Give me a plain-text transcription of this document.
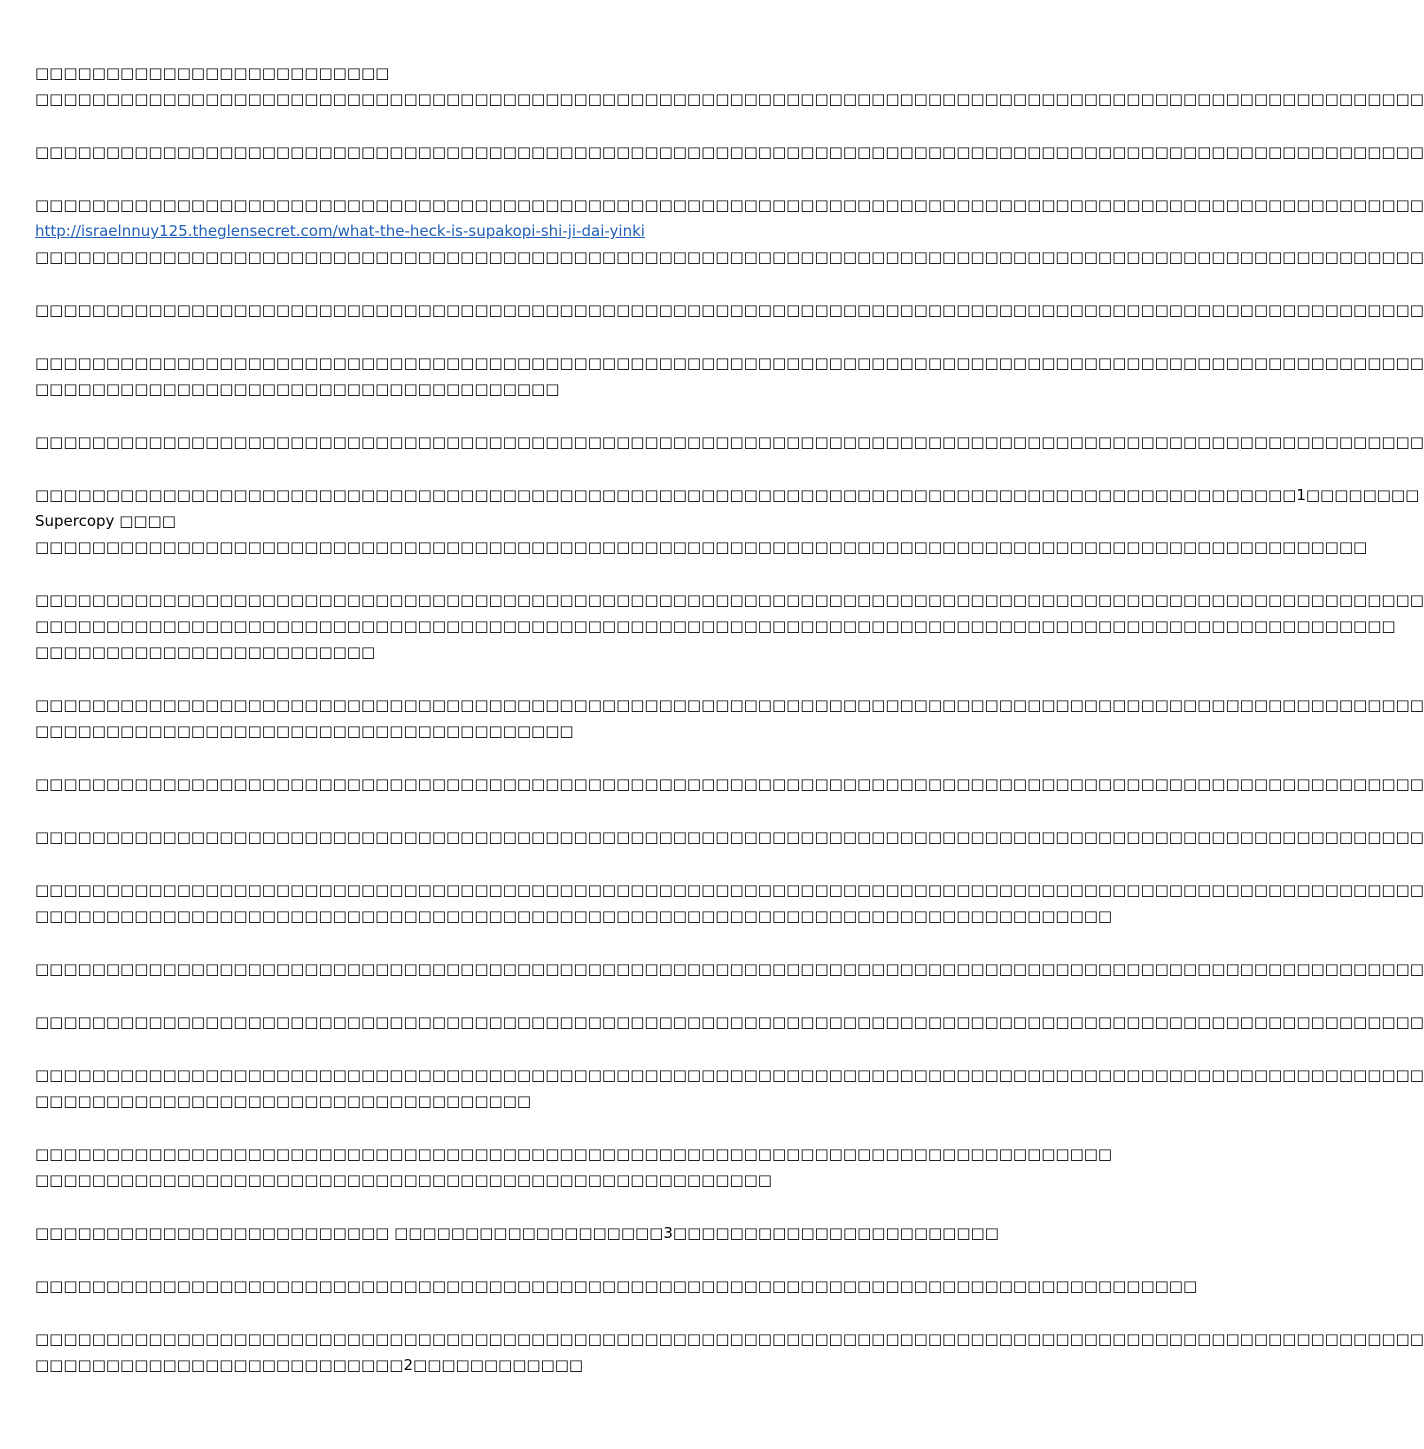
□□□□□□□□□□□□□□□□□□□□□□□□□
□□□□□□□□□□□□□□□□□□□□□□□□□□□□□□□□□□□□□□□□□□□□□□□□□□□□□□□□□□□□□□□□□□□□□□□□□□□□□□□□□□□□□□□□□□□□□□□□□□
□□□□□□□□□□□□□□□□□□□□□□□□□□□□□□□□□□□□□□□□□□□□□□□□□□□□□□□□□□□□□□□□□□□□□□□□□□□□□□□□□□□□□□□□□□□□□□□□□□
□□□□□□□□□□□□□□□□□□□□□□□□□□□□□□□□□□□□□□□□□□□□□□□□□□□□□□□□□□□□□□□□□□□□□□□□□□□□□□□□□□□□□□□□□□□□□□□□□□
http://israelnnuy125.theglensecret.com/what-the-heck-is-supakopi-shi-ji-dai-yinki
□□□□□□□□□□□□□□□□□□□□□□□□□□□□□□□□□□□□□□□□□□□□□□□□□□□□□□□□□□□□□□□□□□□□□□□□□□□□□□□□□□□□□□□□□□□□□□□□□□
□□□□□□□□□□□□□□□□□□□□□□□□□□□□□□□□□□□□□□□□□□□□□□□□□□□□□□□□□□□□□□□□□□□□□□□□□□□□□□□□□□□□□□□□□□□□□□□□□□
□□□□□□□□□□□□□□□□□□□□□□□□□□□□□□□□□□□□□□□□□□□□□□□□□□□□□□□□□□□□□□□□□□□□□□□□□□□□□□□□□□□□□□□□□□□□□□□□□□
□□□□□□□□□□□□□□□□□□□□□□□□□□□□□□□□□□□□□
□□□□□□□□□□□□□□□□□□□□□□□□□□□□□□□□□□□□□□□□□□□□□□□□□□□□□□□□□□□□□□□□□□□□□□□□□□□□□□□□□□□□□□□□□□□□□□□□□□
□□□□□□□□□□□□□□□□□□□□□□□□□□□□□□□□□□□□□□□□□□□□□□□□□□□□□□□□□□□□□□□□□□□□□□□□□□□□□□□□□□□□□□□□□1□□□□□□□□
Supercopy □□□□
□□□□□□□□□□□□□□□□□□□□□□□□□□□□□□□□□□□□□□□□□□□□□□□□□□□□□□□□□□□□□□□□□□□□□□□□□□□□□□□□□□□□□□□□□□□□□□
□□□□□□□□□□□□□□□□□□□□□□□□□□□□□□□□□□□□□□□□□□□□□□□□□□□□□□□□□□□□□□□□□□□□□□□□□□□□□□□□□□□□□□□□□□□□□□□□□□
□□□□□□□□□□□□□□□□□□□□□□□□□□□□□□□□□□□□□□□□□□□□□□□□□□□□□□□□□□□□□□□□□□□□□□□□□□□□□□□□□□□□□□□□□□□□□□□□
□□□□□□□□□□□□□□□□□□□□□□□□
□□□□□□□□□□□□□□□□□□□□□□□□□□□□□□□□□□□□□□□□□□□□□□□□□□□□□□□□□□□□□□□□□□□□□□□□□□□□□□□□□□□□□□□□□□□□□□□□□□
□□□□□□□□□□□□□□□□□□□□□□□□□□□□□□□□□□□□□□
□□□□□□□□□□□□□□□□□□□□□□□□□□□□□□□□□□□□□□□□□□□□□□□□□□□□□□□□□□□□□□□□□□□□□□□□□□□□□□□□□□□□□□□□□□□□□□□□□□
□□□□□□□□□□□□□□□□□□□□□□□□□□□□□□□□□□□□□□□□□□□□□□□□□□□□□□□□□□□□□□□□□□□□□□□□□□□□□□□□□□□□□□□□□□□□□□□□□□
□□□□□□□□□□□□□□□□□□□□□□□□□□□□□□□□□□□□□□□□□□□□□□□□□□□□□□□□□□□□□□□□□□□□□□□□□□□□□□□□□□□□□□□□□□□□□□□□□□
□□□□□□□□□□□□□□□□□□□□□□□□□□□□□□□□□□□□□□□□□□□□□□□□□□□□□□□□□□□□□□□□□□□□□□□□□□□□
□□□□□□□□□□□□□□□□□□□□□□□□□□□□□□□□□□□□□□□□□□□□□□□□□□□□□□□□□□□□□□□□□□□□□□□□□□□□□□□□□□□□□□□□□□□□□□□□□□
□□□□□□□□□□□□□□□□□□□□□□□□□□□□□□□□□□□□□□□□□□□□□□□□□□□□□□□□□□□□□□□□□□□□□□□□□□□□□□□□□□□□□□□□□□□□□□□□□□
□□□□□□□□□□□□□□□□□□□□□□□□□□□□□□□□□□□□□□□□□□□□□□□□□□□□□□□□□□□□□□□□□□□□□□□□□□□□□□□□□□□□□□□□□□□□□□□□□□
□□□□□□□□□□□□□□□□□□□□□□□□□□□□□□□□□□□
□□□□□□□□□□□□□□□□□□□□□□□□□□□□□□□□□□□□□□□□□□□□□□□□□□□□□□□□□□□□□□□□□□□□□□□□□□□□
□□□□□□□□□□□□□□□□□□□□□□□□□□□□□□□□□□□□□□□□□□□□□□□□□□□□
□□□□□□□□□□□□□□□□□□□□□□□□□ □□□□□□□□□□□□□□□□□□□3□□□□□□□□□□□□□□□□□□□□□□□
□□□□□□□□□□□□□□□□□□□□□□□□□□□□□□□□□□□□□□□□□□□□□□□□□□□□□□□□□□□□□□□□□□□□□□□□□□□□□□□□□□
□□□□□□□□□□□□□□□□□□□□□□□□□□□□□□□□□□□□□□□□□□□□□□□□□□□□□□□□□□□□□□□□□□□□□□□□□□□□□□□□□□□□□□□□□□□□□□□□□□
□□□□□□□□□□□□□□□□□□□□□□□□□□2□□□□□□□□□□□□
